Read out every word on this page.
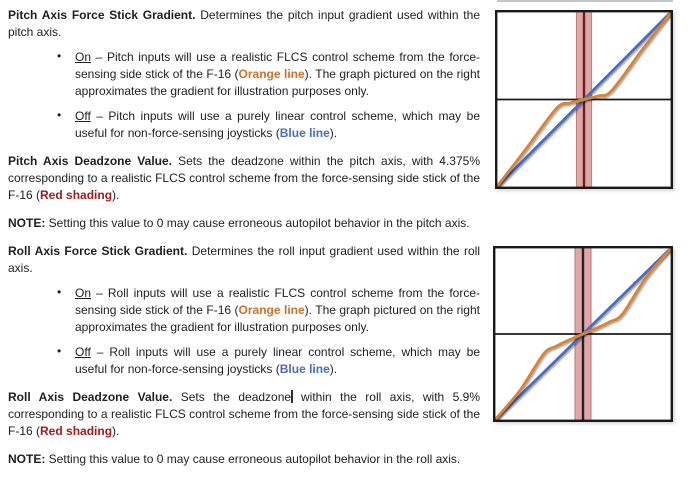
Pitch Axis Force Stick Gradient. Determines the pitch input gradient used within the pitch axis.

• On – Pitch inputs will use a realistic FLCS control scheme from the force-sensing side stick of the F-16 (Orange line). The graph pictured on the right approximates the gradient for illustration purposes only.

• Off – Pitch inputs will use a purely linear control scheme, which may be useful for non-force-sensing joysticks (Blue line).

Pitch Axis Deadzone Value. Sets the deadzone within the pitch axis, with 4.375% corresponding to a realistic FLCS control scheme from the force-sensing side stick of the F-16 (Red shading).

NOTE: Setting this value to 0 may cause erroneous autopilot behavior in the pitch axis.

Roll Axis Force Stick Gradient. Determines the roll input gradient used within the roll axis.

• On – Roll inputs will use a realistic FLCS control scheme from the force-sensing side stick of the F-16 (Orange line). The graph pictured on the right approximates the gradient for illustration purposes only.

• Off – Roll inputs will use a purely linear control scheme, which may be useful for non-force-sensing joysticks (Blue line).

Roll Axis Deadzone Value. Sets the deadzone within the roll axis, with 5.9% corresponding to a realistic FLCS control scheme from the force-sensing side stick of the F-16 (Red shading).

NOTE: Setting this value to 0 may cause erroneous autopilot behavior in the roll axis.
